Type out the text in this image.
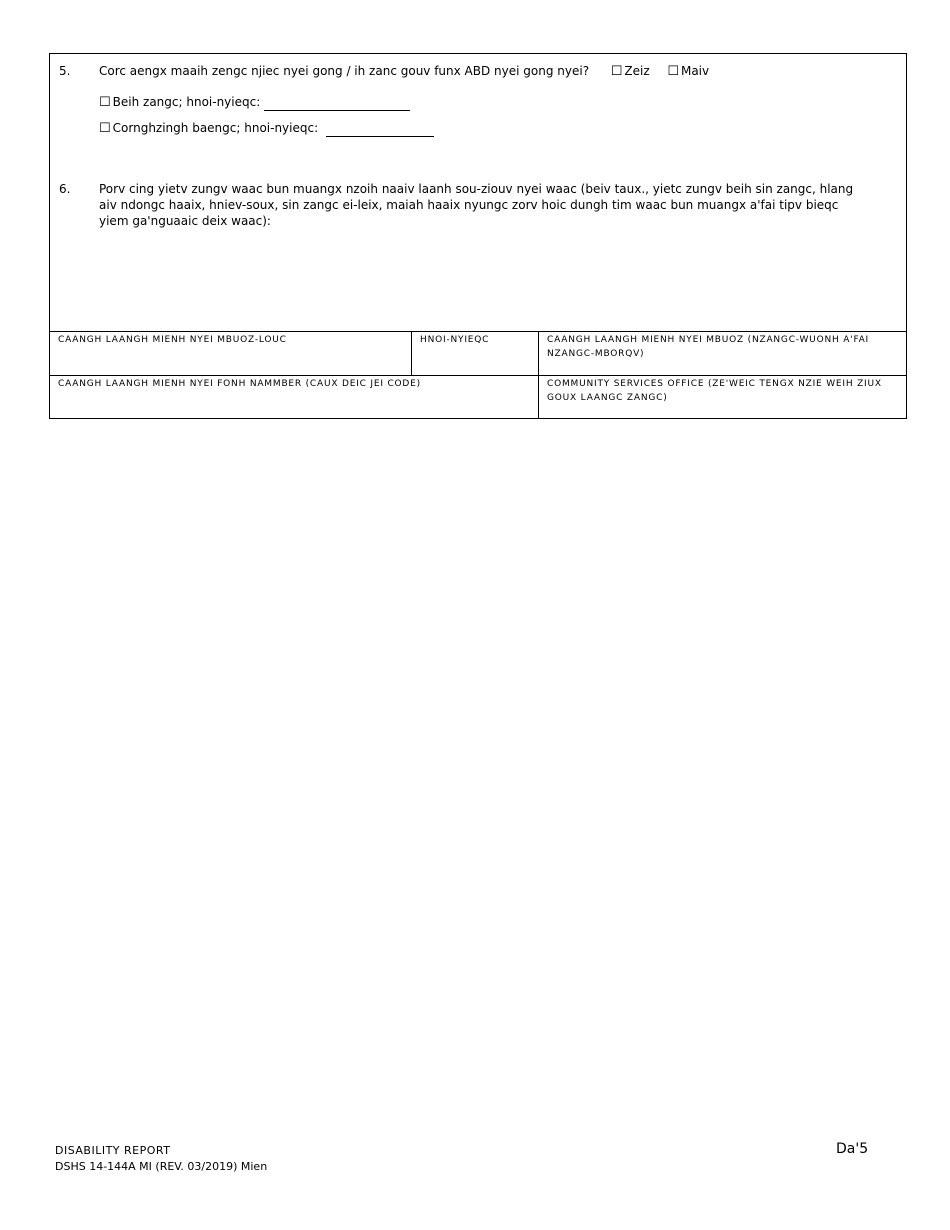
5. Corc aengx maaih zengc njiec nyei gong / ih zanc gouv funx ABD nyei gong nyei? ☐ Zeiz ☐ Maiv
☐ Beih zangc; hnoi-nyieqc:
☐ Cornghzingh baengc; hnoi-nyieqc:
6. Porv cing yietv zungv waac bun muangx nzoih naaiv laanh sou-ziouv nyei waac (beiv taux., yietc zungv beih sin zangc, hlang
aiv ndongc haaix, hniev-soux, sin zangc ei-leix, maiah haaix nyungc zorv hoic dungh tim waac bun muangx a'fai tipv bieqc
yiem ga'nguaaic deix waac):
CAANGH LAANGH MIENH NYEI MBUOZ-LOUC	HNOI-NYIEQC	CAANGH LAANGH MIENH NYEI MBUOZ (NZANGC-WUONH A'FAI NZANGC-MBORQV)
CAANGH LAANGH MIENH NYEI FONH NAMMBER (CAUX DEIC JEI CODE)	COMMUNITY SERVICES OFFICE (ZE'WEIC TENGX NZIE WEIH ZIUX GOUX LAANGC ZANGC)
DISABILITY REPORT
DSHS 14-144A MI (REV. 03/2019) Mien
Da'5
